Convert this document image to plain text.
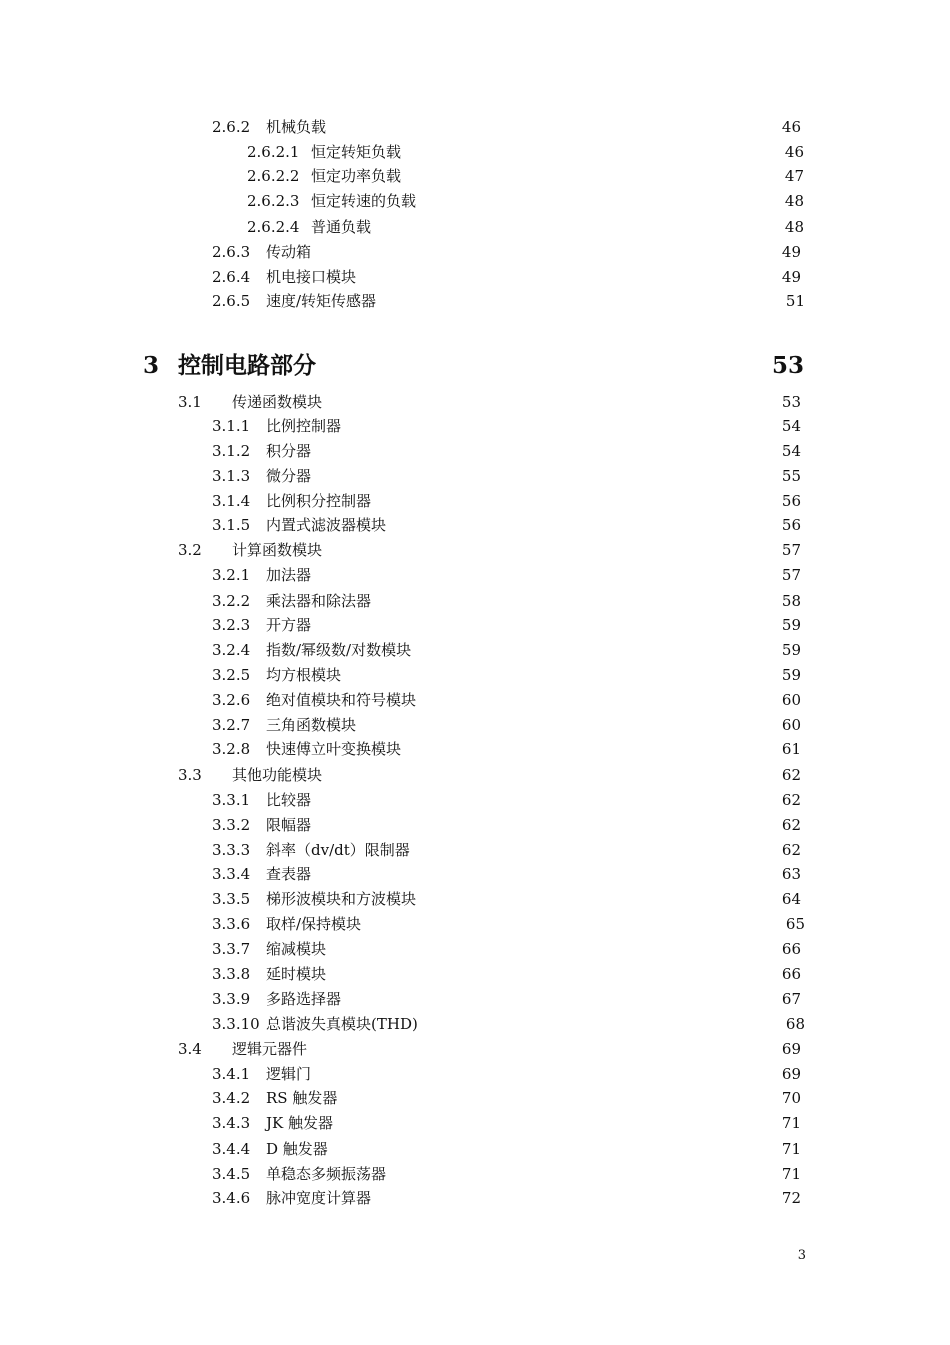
2.6.2 机械负载	46
2.6.2.1 恒定转矩负载	46
2.6.2.2 恒定功率负载	47
2.6.2.3 恒定转速的负载	48
2.6.2.4 普通负载	48
2.6.3 传动箱	49
2.6.4 机电接口模块	49
2.6.5 速度/转矩传感器	51
3 控制电路部分	53
3.1 传递函数模块	53
3.1.1 比例控制器	54
3.1.2 积分器	54
3.1.3 微分器	55
3.1.4 比例积分控制器	56
3.1.5 内置式滤波器模块	56
3.2 计算函数模块	57
3.2.1 加法器	57
3.2.2 乘法器和除法器	58
3.2.3 开方器	59
3.2.4 指数/幂级数/对数模块	59
3.2.5 均方根模块	59
3.2.6 绝对值模块和符号模块	60
3.2.7 三角函数模块	60
3.2.8 快速傅立叶变换模块	61
3.3 其他功能模块	62
3.3.1 比较器	62
3.3.2 限幅器	62
3.3.3 斜率（dv/dt）限制器	62
3.3.4 查表器	63
3.3.5 梯形波模块和方波模块	64
3.3.6 取样/保持模块	65
3.3.7 缩减模块	66
3.3.8 延时模块	66
3.3.9 多路选择器	67
3.3.10 总谐波失真模块(THD)	68
3.4 逻辑元器件	69
3.4.1 逻辑门	69
3.4.2 RS 触发器	70
3.4.3 JK 触发器	71
3.4.4 D 触发器	71
3.4.5 单稳态多频振荡器	71
3.4.6 脉冲宽度计算器	72
3
